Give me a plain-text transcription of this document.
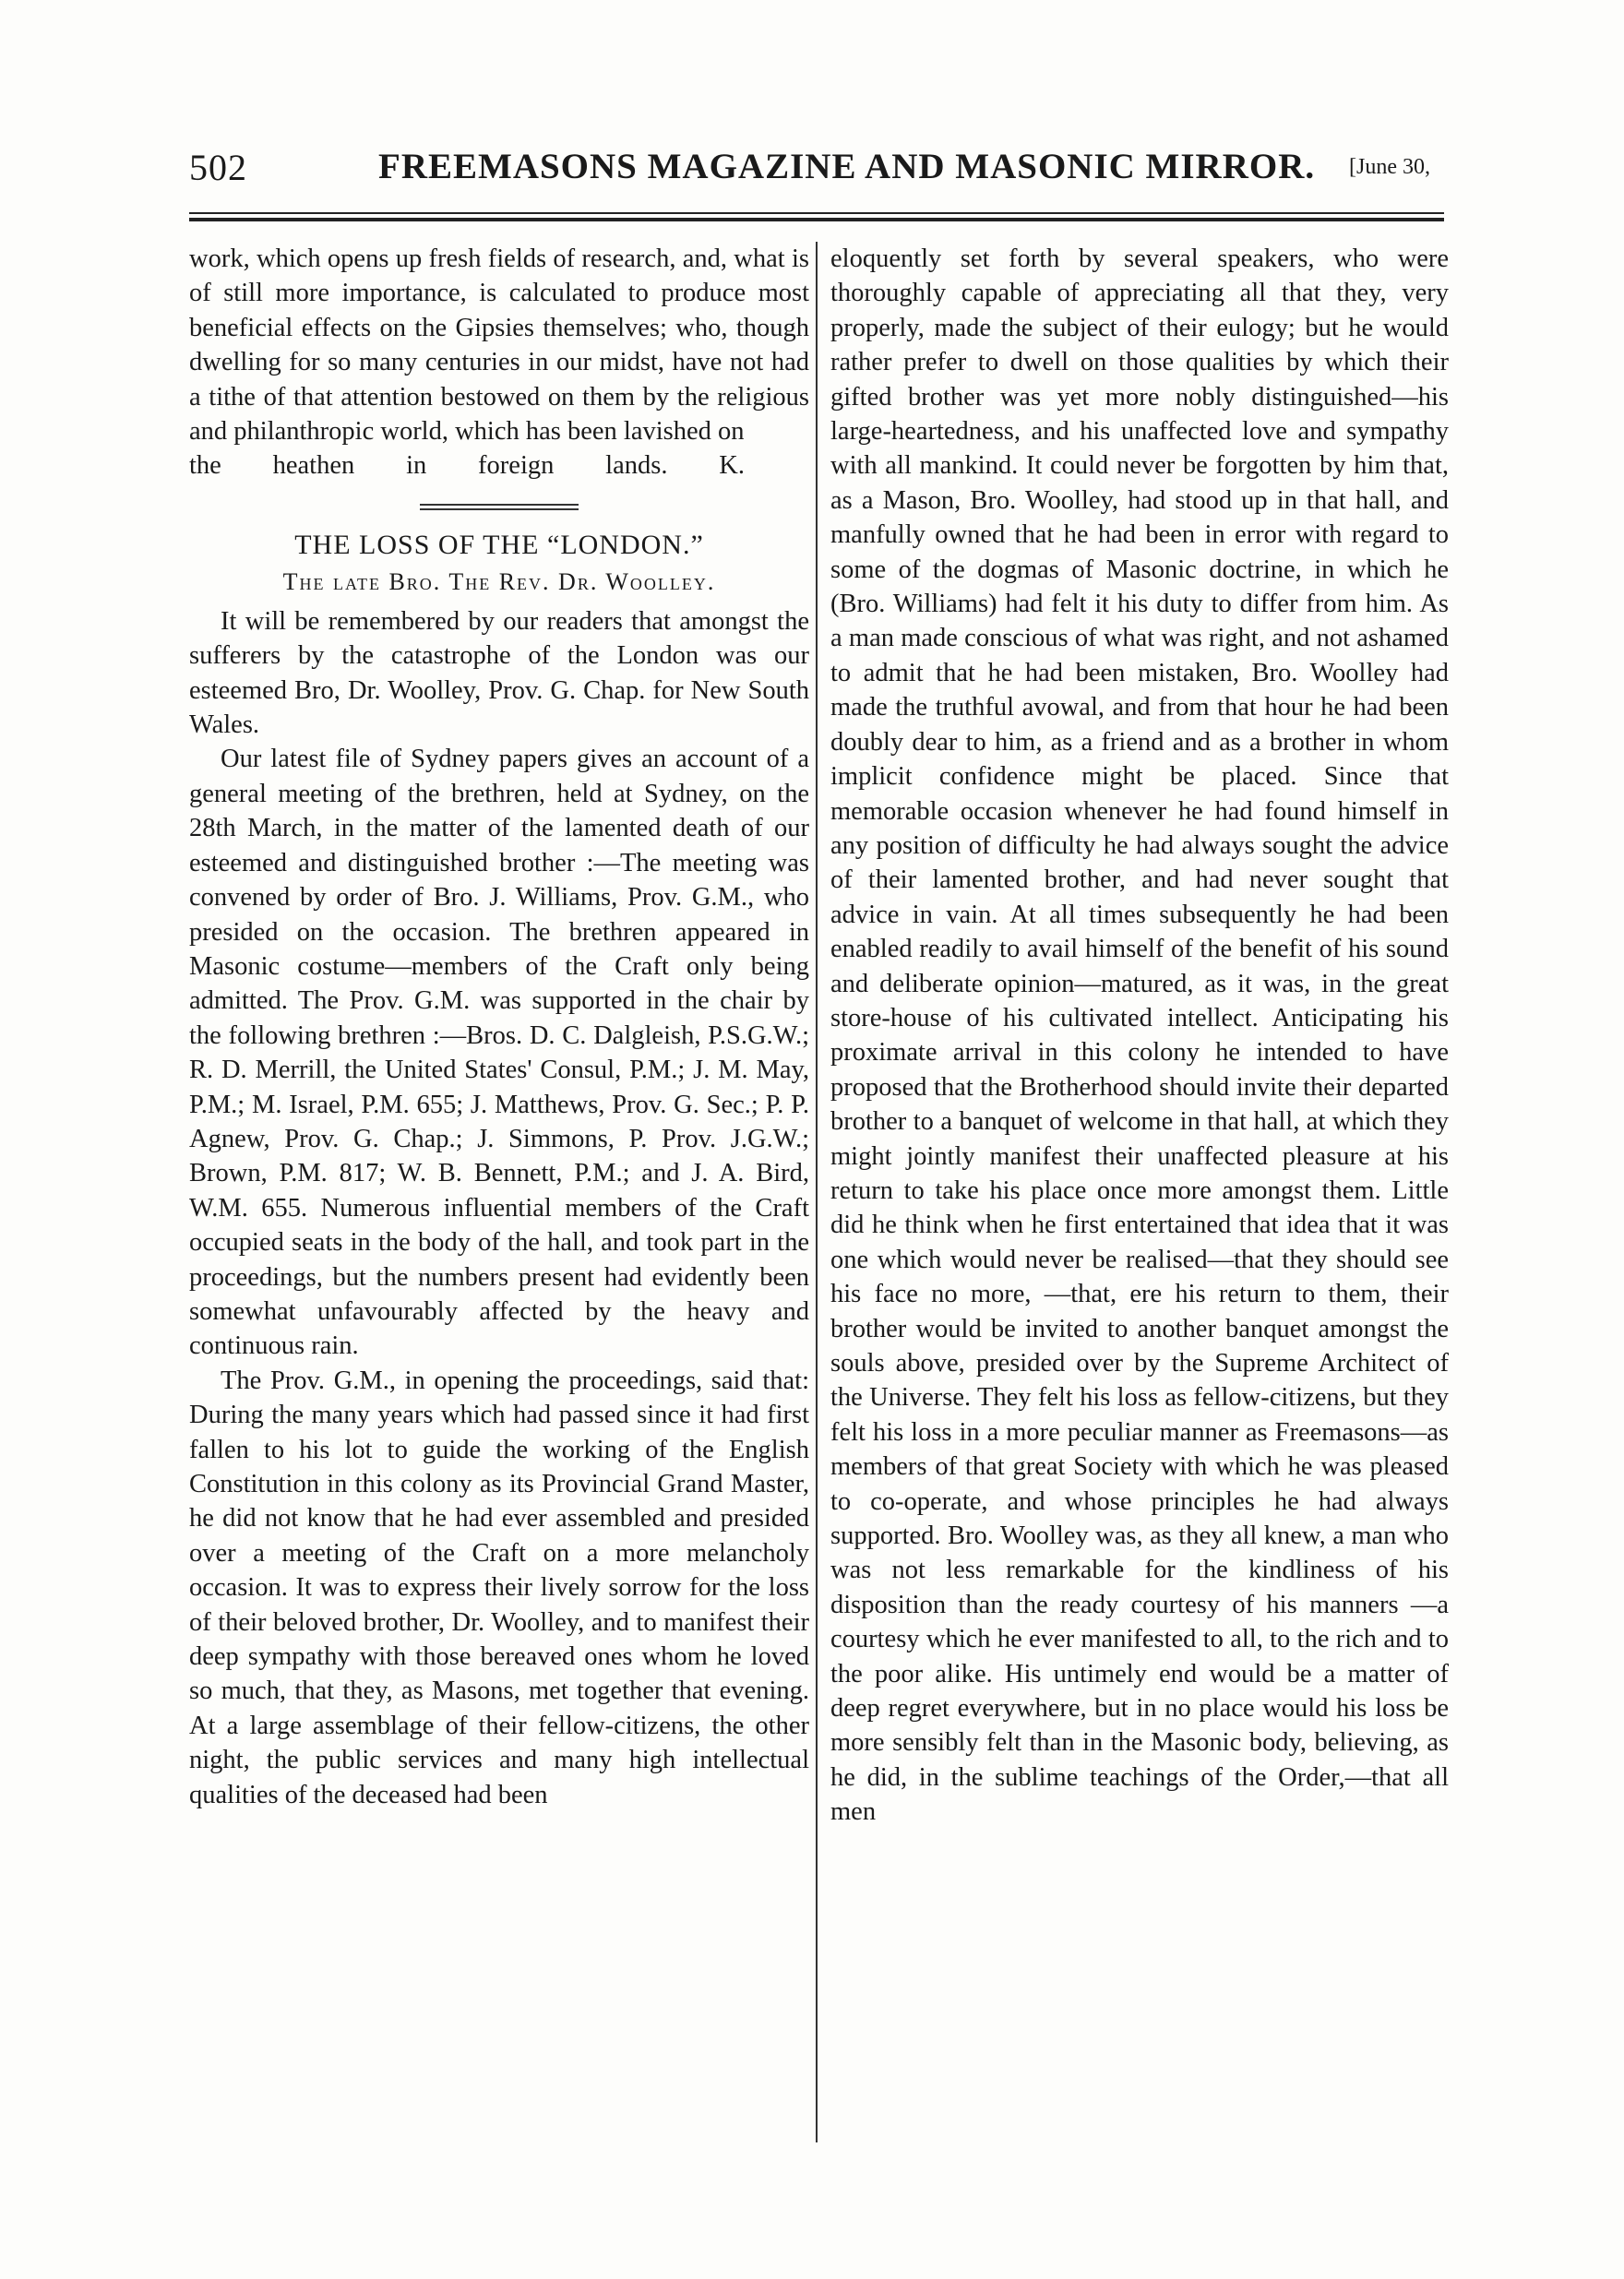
502	FREEMASONS MAGAZINE AND MASONIC MIRROR. [June 30,

work, which opens up fresh fields of research, and, what is of still more importance, is calculated to produce most beneficial effects on the Gipsies themselves; who, though dwelling for so many centuries in our midst, have not had a tithe of that attention bestowed on them by the religious and philanthropic world, which has been lavished on

the heathen in foreign lands. K.

THE LOSS OF THE “LONDON.”
The late Bro. The Rev. Dr. Woolley.

It will be remembered by our readers that amongst the sufferers by the catastrophe of the London was our esteemed Bro, Dr. Woolley, Prov. G. Chap. for New South Wales.

Our latest file of Sydney papers gives an account of a general meeting of the brethren, held at Sydney, on the 28th March, in the matter of the lamented death of our esteemed and distinguished brother :—The meeting was convened by order of Bro. J. Williams, Prov. G.M., who presided on the occasion. The brethren appeared in Masonic costume—members of the Craft only being admitted. The Prov. G.M. was supported in the chair by the following brethren :—Bros. D. C. Dalgleish, P.S.G.W.; R. D. Merrill, the United States' Consul, P.M.; J. M. May, P.M.; M. Israel, P.M. 655; J. Matthews, Prov. G. Sec.; P. P. Agnew, Prov. G. Chap.; J. Simmons, P. Prov. J.G.W.; Brown, P.M. 817; W. B. Bennett, P.M.; and J. A. Bird, W.M. 655. Numerous influential members of the Craft occupied seats in the body of the hall, and took part in the proceedings, but the numbers present had evidently been somewhat unfavourably affected by the heavy and continuous rain.

The Prov. G.M., in opening the proceedings, said that: During the many years which had passed since it had first fallen to his lot to guide the working of the English Constitution in this colony as its Provincial Grand Master, he did not know that he had ever assembled and presided over a meeting of the Craft on a more melancholy occasion. It was to express their lively sorrow for the loss of their beloved brother, Dr. Woolley, and to manifest their deep sympathy with those bereaved ones whom he loved so much, that they, as Masons, met together that evening. At a large assemblage of their fellow-citizens, the other night, the public services and many high intellectual qualities of the deceased had been

eloquently set forth by several speakers, who were thoroughly capable of appreciating all that they, very properly, made the subject of their eulogy; but he would rather prefer to dwell on those qualities by which their gifted brother was yet more nobly distinguished—his large-heartedness, and his unaffected love and sympathy with all mankind. It could never be forgotten by him that, as a Mason, Bro. Woolley, had stood up in that hall, and manfully owned that he had been in error with regard to some of the dogmas of Masonic doctrine, in which he (Bro. Williams) had felt it his duty to differ from him. As a man made conscious of what was right, and not ashamed to admit that he had been mistaken, Bro. Woolley had made the truthful avowal, and from that hour he had been doubly dear to him, as a friend and as a brother in whom implicit confidence might be placed. Since that memorable occasion whenever he had found himself in any position of difficulty he had always sought the advice of their lamented brother, and had never sought that advice in vain. At all times subsequently he had been enabled readily to avail himself of the benefit of his sound and deliberate opinion—matured, as it was, in the great store-house of his cultivated intellect. Anticipating his proximate arrival in this colony he intended to have proposed that the Brotherhood should invite their departed brother to a banquet of welcome in that hall, at which they might jointly manifest their unaffected pleasure at his return to take his place once more amongst them. Little did he think when he first entertained that idea that it was one which would never be realised—that they should see his face no more, —that, ere his return to them, their brother would be invited to another banquet amongst the souls above, presided over by the Supreme Architect of the Universe. They felt his loss as fellow-citizens, but they felt his loss in a more peculiar manner as Freemasons—as members of that great Society with which he was pleased to co-operate, and whose principles he had always supported. Bro. Woolley was, as they all knew, a man who was not less remarkable for the kindliness of his disposition than the ready courtesy of his manners —a courtesy which he ever manifested to all, to the rich and to the poor alike. His untimely end would be a matter of deep regret everywhere, but in no place would his loss be more sensibly felt than in the Masonic body, believing, as he did, in the sublime teachings of the Order,—that all men
